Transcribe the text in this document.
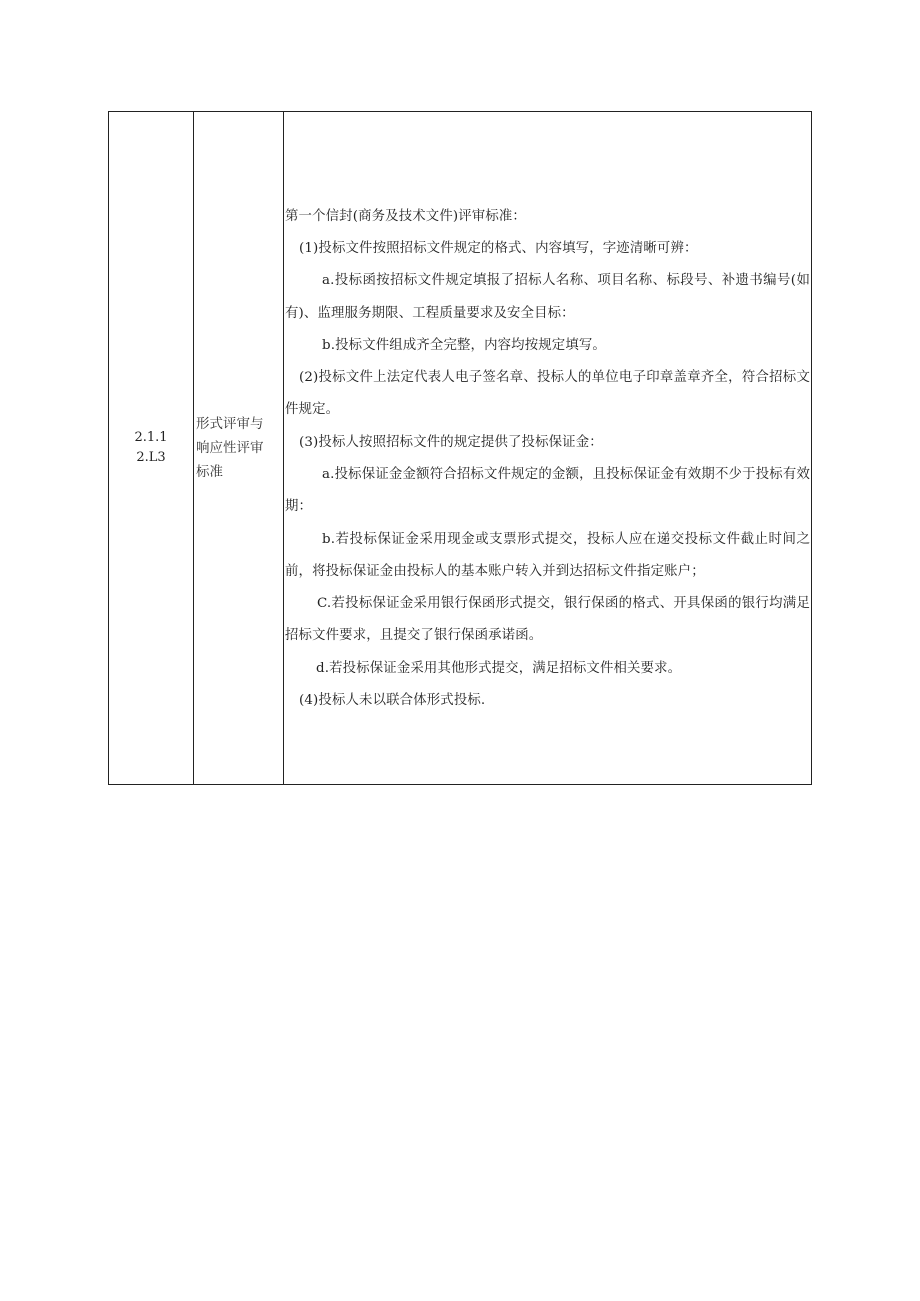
2.1.1
2.L3

形式评审与
响应性评审
标准

第一个信封(商务及技术文件)评审标准：
(1)投标文件按照招标文件规定的格式、内容填写，字迹清晰可辨：
a.投标函按招标文件规定填报了招标人名称、项目名称、标段号、补遗书编号(如有)、监理服务期限、工程质量要求及安全目标：
b.投标文件组成齐全完整，内容均按规定填写。
(2)投标文件上法定代表人电子签名章、投标人的单位电子印章盖章齐全，符合招标文件规定。
(3)投标人按照招标文件的规定提供了投标保证金：
a.投标保证金金额符合招标文件规定的金额，且投标保证金有效期不少于投标有效期：
b.若投标保证金采用现金或支票形式提交，投标人应在递交投标文件截止时间之前，将投标保证金由投标人的基本账户转入并到达招标文件指定账户；
C.若投标保证金采用银行保函形式提交，银行保函的格式、开具保函的银行均满足招标文件要求，且提交了银行保函承诺函。
d.若投标保证金采用其他形式提交，满足招标文件相关要求。
(4)投标人未以联合体形式投标.
